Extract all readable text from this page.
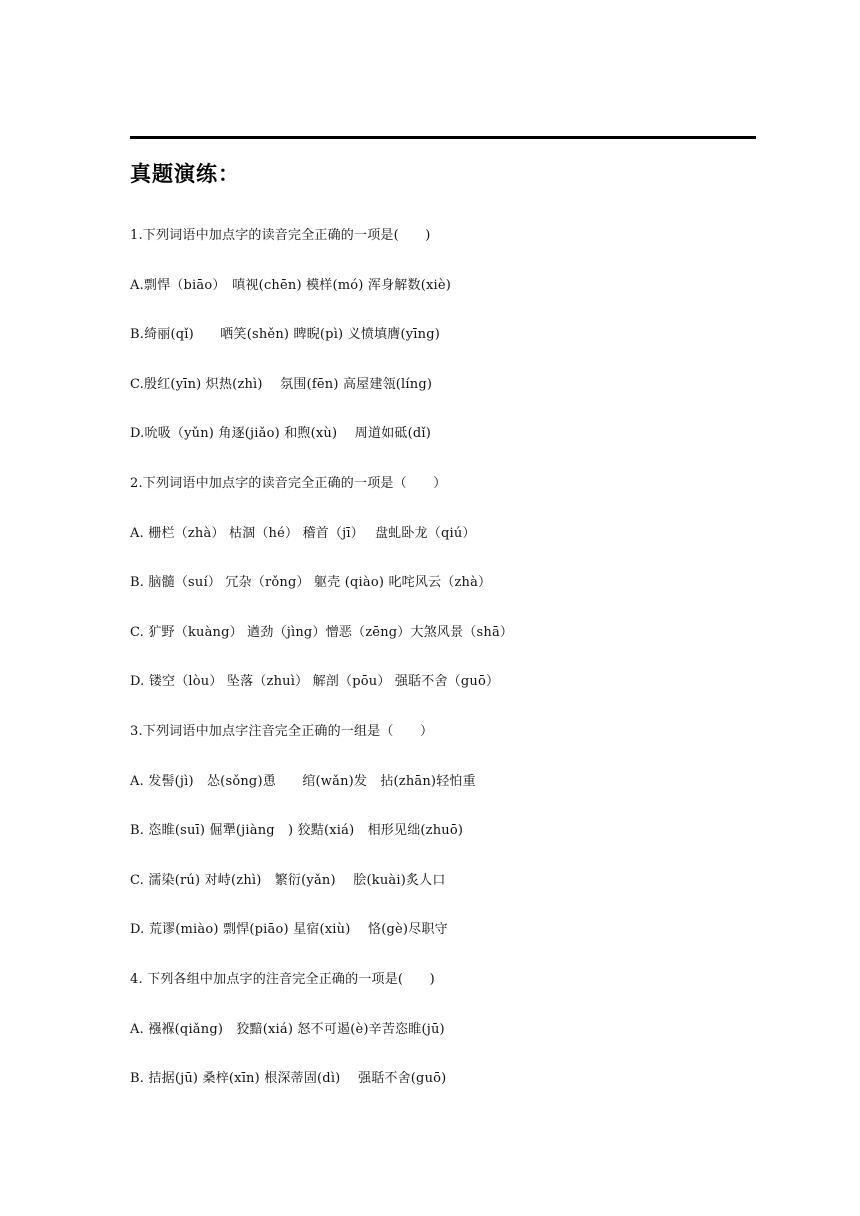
真题演练：
1.下列词语中加点字的读音完全正确的一项是(　　)
A.剽悍（biāo）　嗔视(chēn) 模样(mó) 浑身解数(xiè)
B.绮丽(qǐ)　　哂笑(shěn) 睥睨(pì) 义愤填膺(yīng)
C.殷红(yīn) 炽热(zhì)　 氛围(fēn) 高屋建瓴(líng)
D.吮吸（yǔn) 角逐(jiǎo) 和煦(xù)　 周道如砥(dǐ)
2.下列词语中加点字的读音完全正确的一项是（　　）
A. 栅栏（zhà） 枯涸（hé） 稽首（jī）　 盘虬卧龙（qiú）
B. 脑髓（suí） 冗杂（rǒng） 躯壳 (qiào) 叱咤风云（zhà）
C. 犷野（kuàng） 遒劲（jìng）憎恶（zēng）大煞风景（shā）
D. 镂空（lòu） 坠落（zhuì） 解剖（pōu） 强聒不舍（guō）
3.下列词语中加点字注音完全正确的一组是（　　）
A. 发髻(jì)　怂(sǒng)恿　　绾(wǎn)发　拈(zhān)轻怕重
B. 恣睢(suī) 倔犟(jiàng　) 狡黠(xiá)　相形见绌(zhuō)
C. 濡染(rú) 对峙(zhì)　繁衍(yǎn)　 脍(kuài)炙人口
D. 荒谬(miào) 剽悍(piāo) 星宿(xiù)　 恪(gè)尽职守
4. 下列各组中加点字的注音完全正确的一项是(　　)
A. 襁褓(qiǎng)　狡黯(xiá) 怒不可遏(è)辛苦恣睢(jū)
B. 拮据(jū) 桑梓(xīn) 根深蒂固(dì)　 强聒不舍(guō)
